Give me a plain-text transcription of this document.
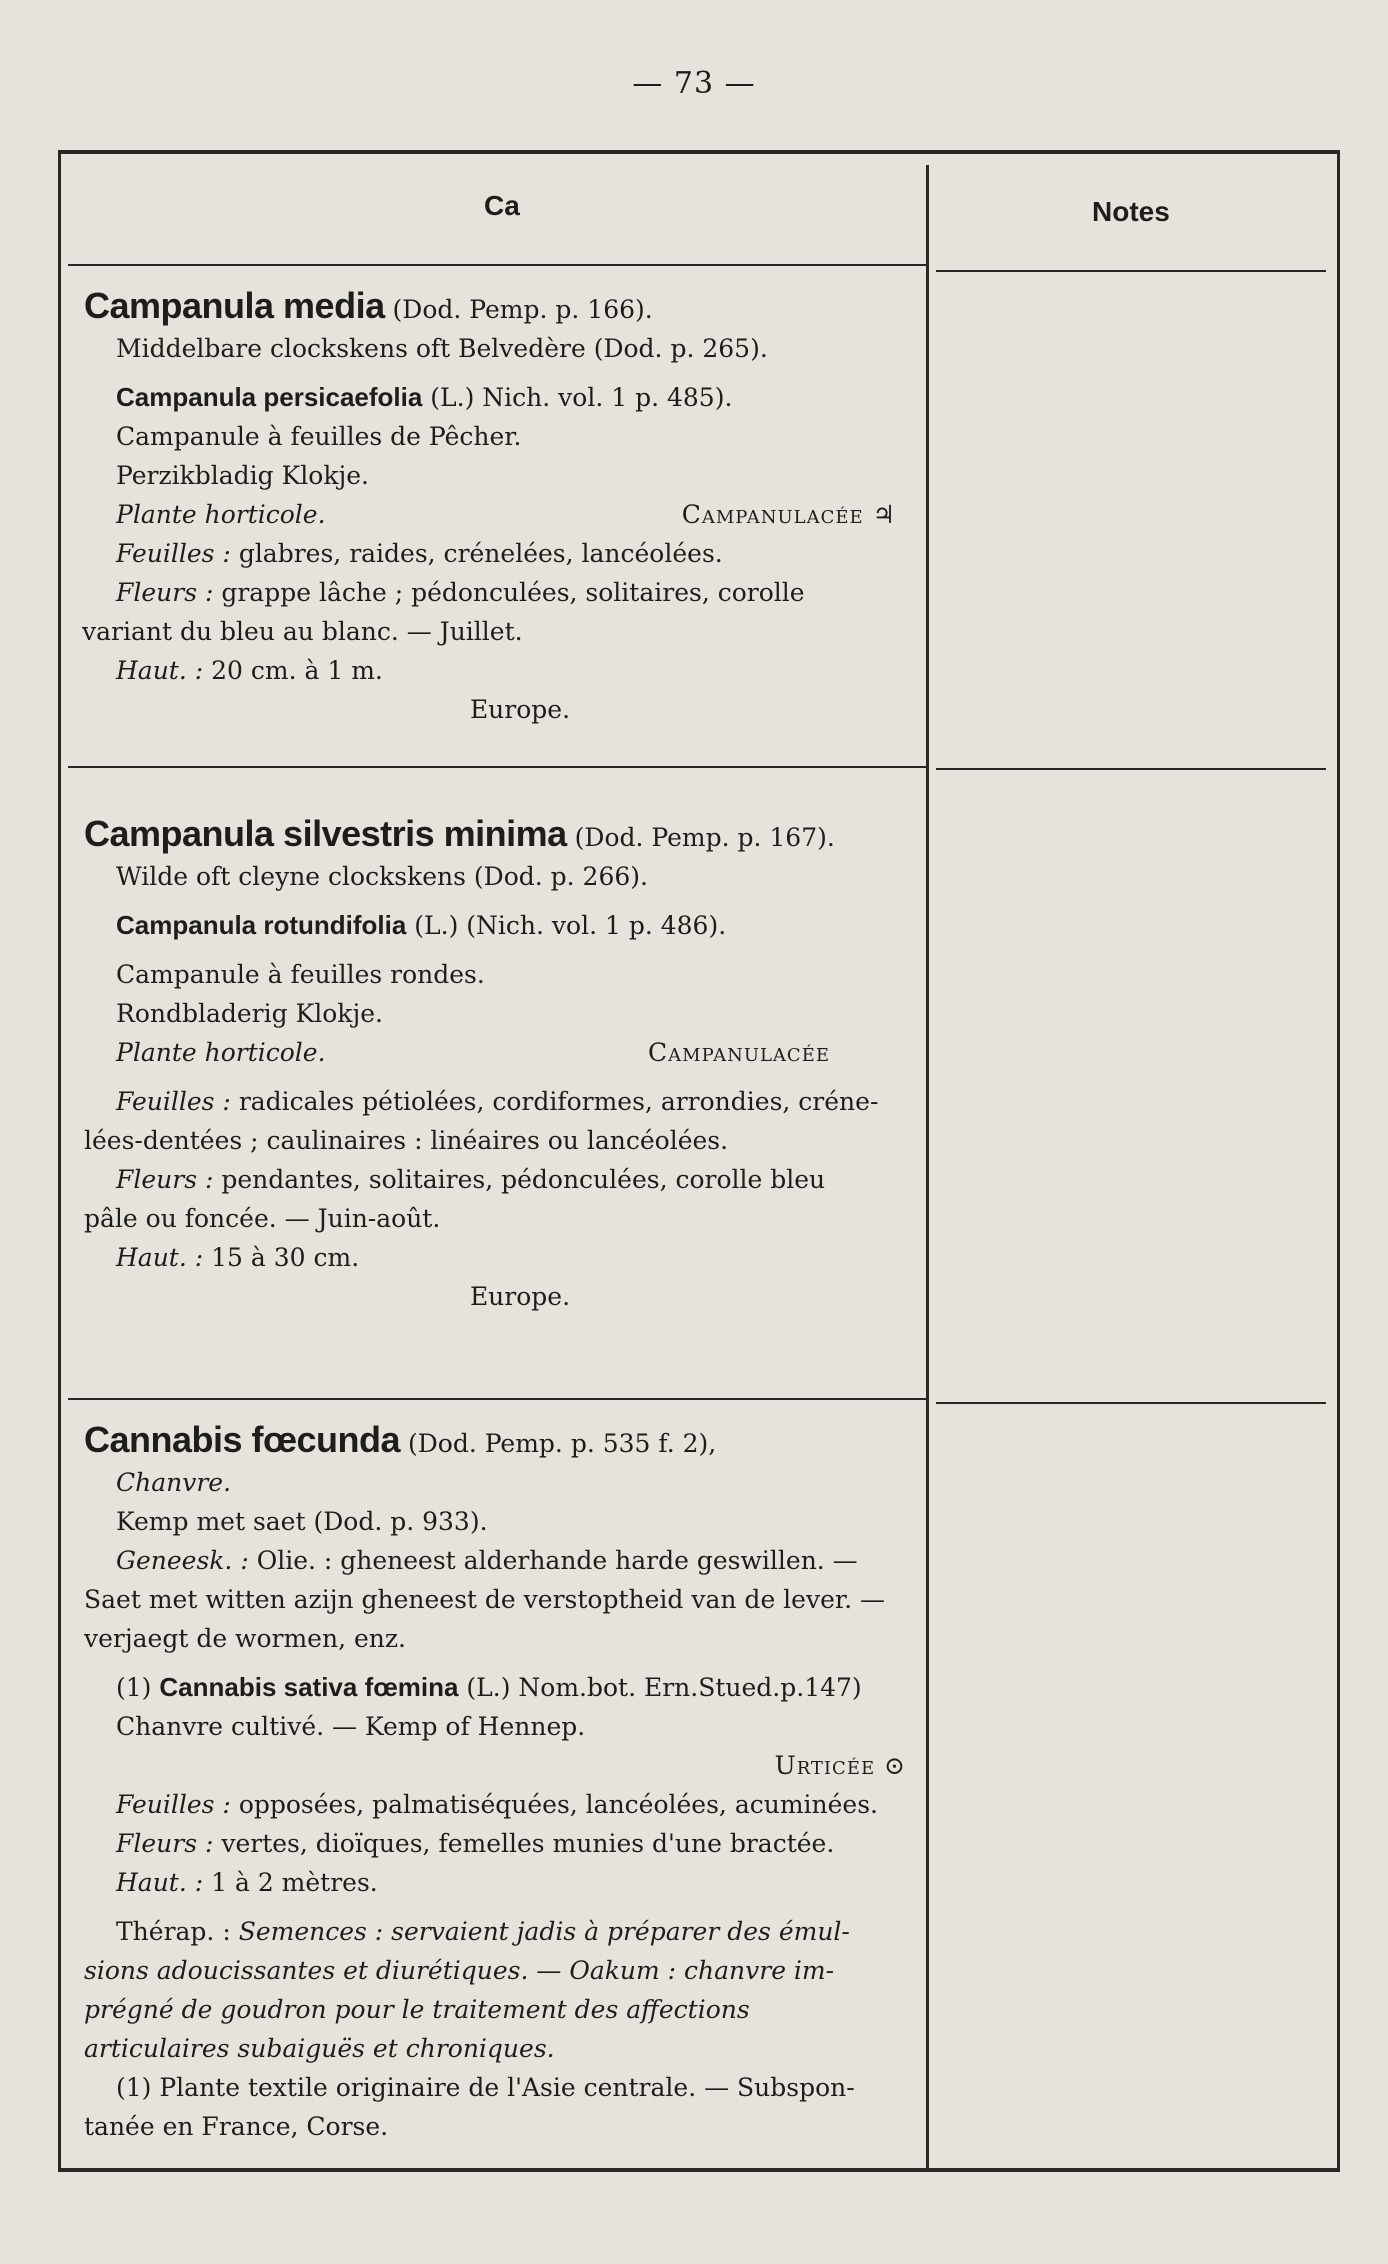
— 73 —
Ca	Notes

Campanula media (Dod. Pemp. p. 166).

Middelbare clockskens oft Belvedère (Dod. p. 265).

Campanula persicaefolia (L.) Nich. vol. 1 p. 485).

Campanule à feuilles de Pêcher.

Perzikbladig Klokje.

Plante horticole.	Campanulacée ♃

Feuilles : glabres, raides, crénelées, lancéolées.

Fleurs : grappe lâche ; pédonculées, solitaires, corolle

variant du bleu au blanc. — Juillet.

Haut. : 20 cm. à 1 m.

Europe.

Campanula silvestris minima (Dod. Pemp. p. 167).

Wilde oft cleyne clockskens (Dod. p. 266).

Campanula rotundifolia (L.) (Nich. vol. 1 p. 486).

Campanule à feuilles rondes.

Rondbladerig Klokje.

Plante horticole.	Campanulacée

Feuilles : radicales pétiolées, cordiformes, arrondies, créne-

lées-dentées ; caulinaires : linéaires ou lancéolées.

Fleurs : pendantes, solitaires, pédonculées, corolle bleu

pâle ou foncée. — Juin-août.

Haut. : 15 à 30 cm.

Europe.

Cannabis fœcunda (Dod. Pemp. p. 535 f. 2),

Chanvre.

Kemp met saet (Dod. p. 933).

Geneesk. : Olie. : gheneest alderhande harde geswillen. —

Saet met witten azijn gheneest de verstoptheid van de lever. —

verjaegt de wormen, enz.

(1) Cannabis sativa fœmina (L.) Nom.bot. Ern.Stued.p.147)

Chanvre cultivé. — Kemp of Hennep.

Urticée ⊙

Feuilles : opposées, palmatiséquées, lancéolées, acuminées.

Fleurs : vertes, dioïques, femelles munies d'une bractée.

Haut. : 1 à 2 mètres.

Thérap. : Semences : servaient jadis à préparer des émul-

sions adoucissantes et diurétiques. — Oakum : chanvre im-

prégné de goudron pour le traitement des affections

articulaires subaiguës et chroniques.

(1) Plante textile originaire de l'Asie centrale. — Subspon-

tanée en France, Corse.
